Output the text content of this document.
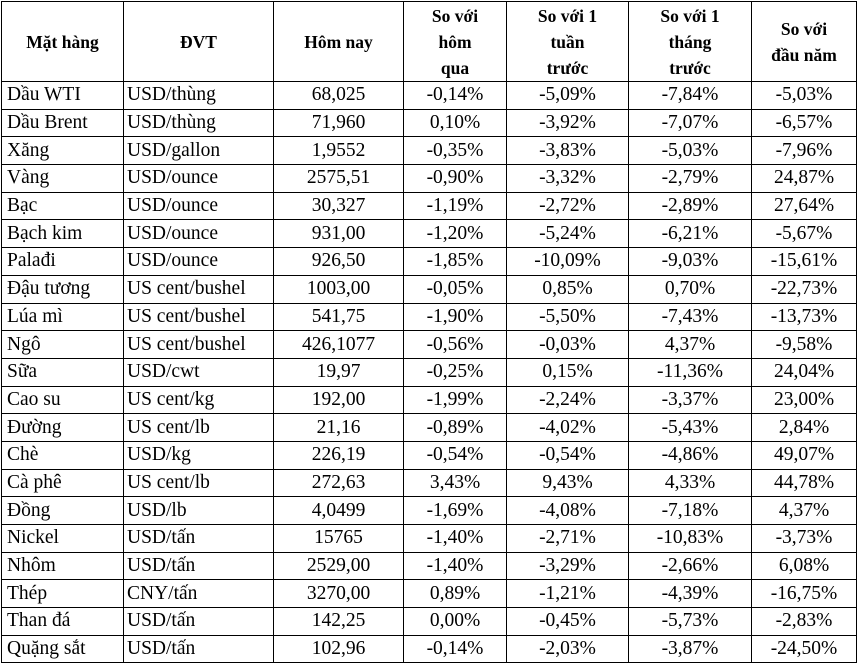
Mặt hàng	ĐVT	Hôm nay	So với
hôm
qua	So với 1
tuần
trước	So với 1
tháng
trước	So với
đầu năm
Dầu WTI	USD/thùng	68,025	-0,14%	-5,09%	-7,84%	-5,03%
Dầu Brent	USD/thùng	71,960	0,10%	-3,92%	-7,07%	-6,57%
Xăng	USD/gallon	1,9552	-0,35%	-3,83%	-5,03%	-7,96%
Vàng	USD/ounce	2575,51	-0,90%	-3,32%	-2,79%	24,87%
Bạc	USD/ounce	30,327	-1,19%	-2,72%	-2,89%	27,64%
Bạch kim	USD/ounce	931,00	-1,20%	-5,24%	-6,21%	-5,67%
Palađi	USD/ounce	926,50	-1,85%	-10,09%	-9,03%	-15,61%
Đậu tương	US cent/bushel	1003,00	-0,05%	0,85%	0,70%	-22,73%
Lúa mì	US cent/bushel	541,75	-1,90%	-5,50%	-7,43%	-13,73%
Ngô	US cent/bushel	426,1077	-0,56%	-0,03%	4,37%	-9,58%
Sữa	USD/cwt	19,97	-0,25%	0,15%	-11,36%	24,04%
Cao su	US cent/kg	192,00	-1,99%	-2,24%	-3,37%	23,00%
Đường	US cent/lb	21,16	-0,89%	-4,02%	-5,43%	2,84%
Chè	USD/kg	226,19	-0,54%	-0,54%	-4,86%	49,07%
Cà phê	US cent/lb	272,63	3,43%	9,43%	4,33%	44,78%
Đồng	USD/lb	4,0499	-1,69%	-4,08%	-7,18%	4,37%
Nickel	USD/tấn	15765	-1,40%	-2,71%	-10,83%	-3,73%
Nhôm	USD/tấn	2529,00	-1,40%	-3,29%	-2,66%	6,08%
Thép	CNY/tấn	3270,00	0,89%	-1,21%	-4,39%	-16,75%
Than đá	USD/tấn	142,25	0,00%	-0,45%	-5,73%	-2,83%
Quặng sắt	USD/tấn	102,96	-0,14%	-2,03%	-3,87%	-24,50%
